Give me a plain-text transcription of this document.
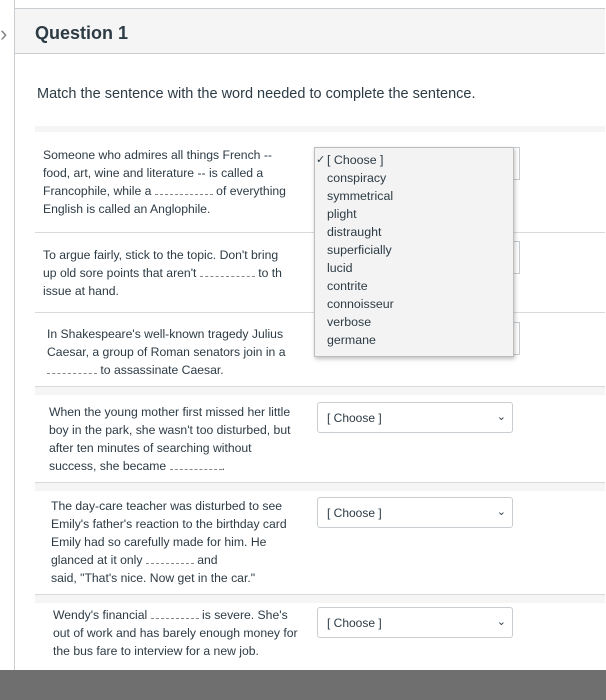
› Question 1
Match the sentence with the word needed to complete the sentence.
Someone who admires all things French --
food, art, wine and literature -- is called a
Francophile, while a	of everything
English is called an Anglophile.
To argue fairly, stick to the topic. Don't bring
up old sore points that aren't	to th
issue at hand.
In Shakespeare's well-known tragedy Julius
Caesar, a group of Roman senators join in a
to assassinate Caesar.
When the young mother first missed her little
boy in the park, she wasn't too disturbed, but
after ten minutes of searching without
success, she became	.
[ Choose ]	⌄
The day-care teacher was disturbed to see
Emily's father's reaction to the birthday card
Emily had so carefully made for him. He
glanced at it only	and
said, "That's nice. Now get in the car."
[ Choose ]	⌄
Wendy's financial	is severe. She's
out of work and has barely enough money for
the bus fare to interview for a new job.
[ Choose ]	⌄
✓ [ Choose ]
conspiracy
symmetrical
plight
distraught
superficially
lucid
contrite
connoisseur
verbose
germane
